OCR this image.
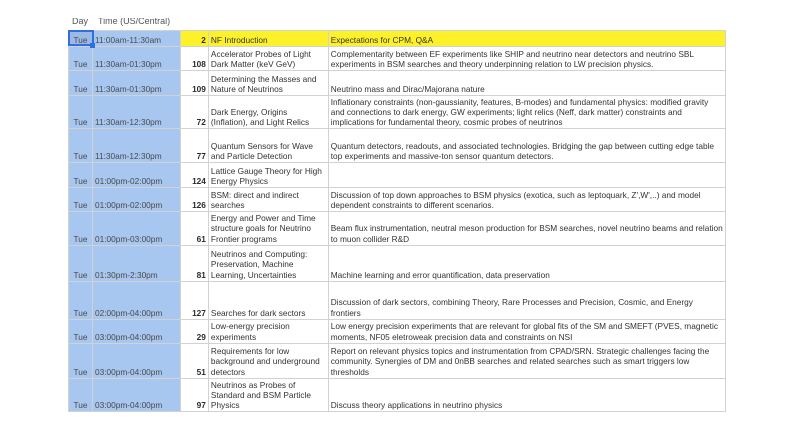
Day Time (US/Central)
Tue	11:00am-11:30am	2	NF Introduction	Expectations for CPM, Q&A
Tue	11:30am-01:30pm	108	Accelerator Probes of Light Dark Matter (keV GeV)	Complementarity between EF experiments like SHIP and neutrino near detectors and neutrino SBL experiments in BSM searches and theory underpinning relation to LW precision physics.
Tue	11:30am-01:30pm	109	Determining the Masses and Nature of Neutrinos	Neutrino mass and Dirac/Majorana nature
Tue	11:30am-12:30pm	72	Dark Energy, Origins (Inflation), and Light Relics	Inflationary constraints (non-gaussianity, features, B-modes) and fundamental physics: modified gravity and connections to dark energy, GW experiments; light relics (Neff, dark matter) constraints and implications for fundamental theory, cosmic probes of neutrinos
Tue	11:30am-12:30pm	77	Quantum Sensors for Wave and Particle Detection	Quantum detectors, readouts, and associated technologies. Bridging the gap between cutting edge table top experiments and massive-ton sensor quantum detectors.
Tue	01:00pm-02:00pm	124	Lattice Gauge Theory for High Energy Physics	
Tue	01:00pm-02:00pm	126	BSM: direct and indirect searches	Discussion of top down approaches to BSM physics (exotica, such as leptoquark, Z',W',..) and model dependent constraints to different scenarios.
Tue	01:00pm-03:00pm	61	Energy and Power and Time structure goals for Neutrino Frontier programs	Beam flux instrumentation, neutral meson production for BSM searches, novel neutrino beams and relation to muon collider R&D
Tue	01:30pm-2:30pm	81	Neutrinos and Computing: Preservation, Machine Learning, Uncertainties	Machine learning and error quantification, data preservation
Tue	02:00pm-04:00pm	127	Searches for dark sectors	Discussion of dark sectors, combining Theory, Rare Processes and Precision, Cosmic, and Energy frontiers
Tue	03:00pm-04:00pm	29	Low-energy precision experiments	Low energy precision experiments that are relevant for global fits of the SM and SMEFT (PVES, magnetic moments, NF05 eletroweak precision data and constraints on NSI
Tue	03:00pm-04:00pm	51	Requirements for low background and underground detectors	Report on relevant physics topics and instrumentation from CPAD/SRN. Strategic challenges facing the community. Synergies of DM and 0nBB searches and related searches such as smart triggers low thresholds
Tue	03:00pm-04:00pm	97	Neutrinos as Probes of Standard and BSM Particle Physics	Discuss theory applications in neutrino physics
